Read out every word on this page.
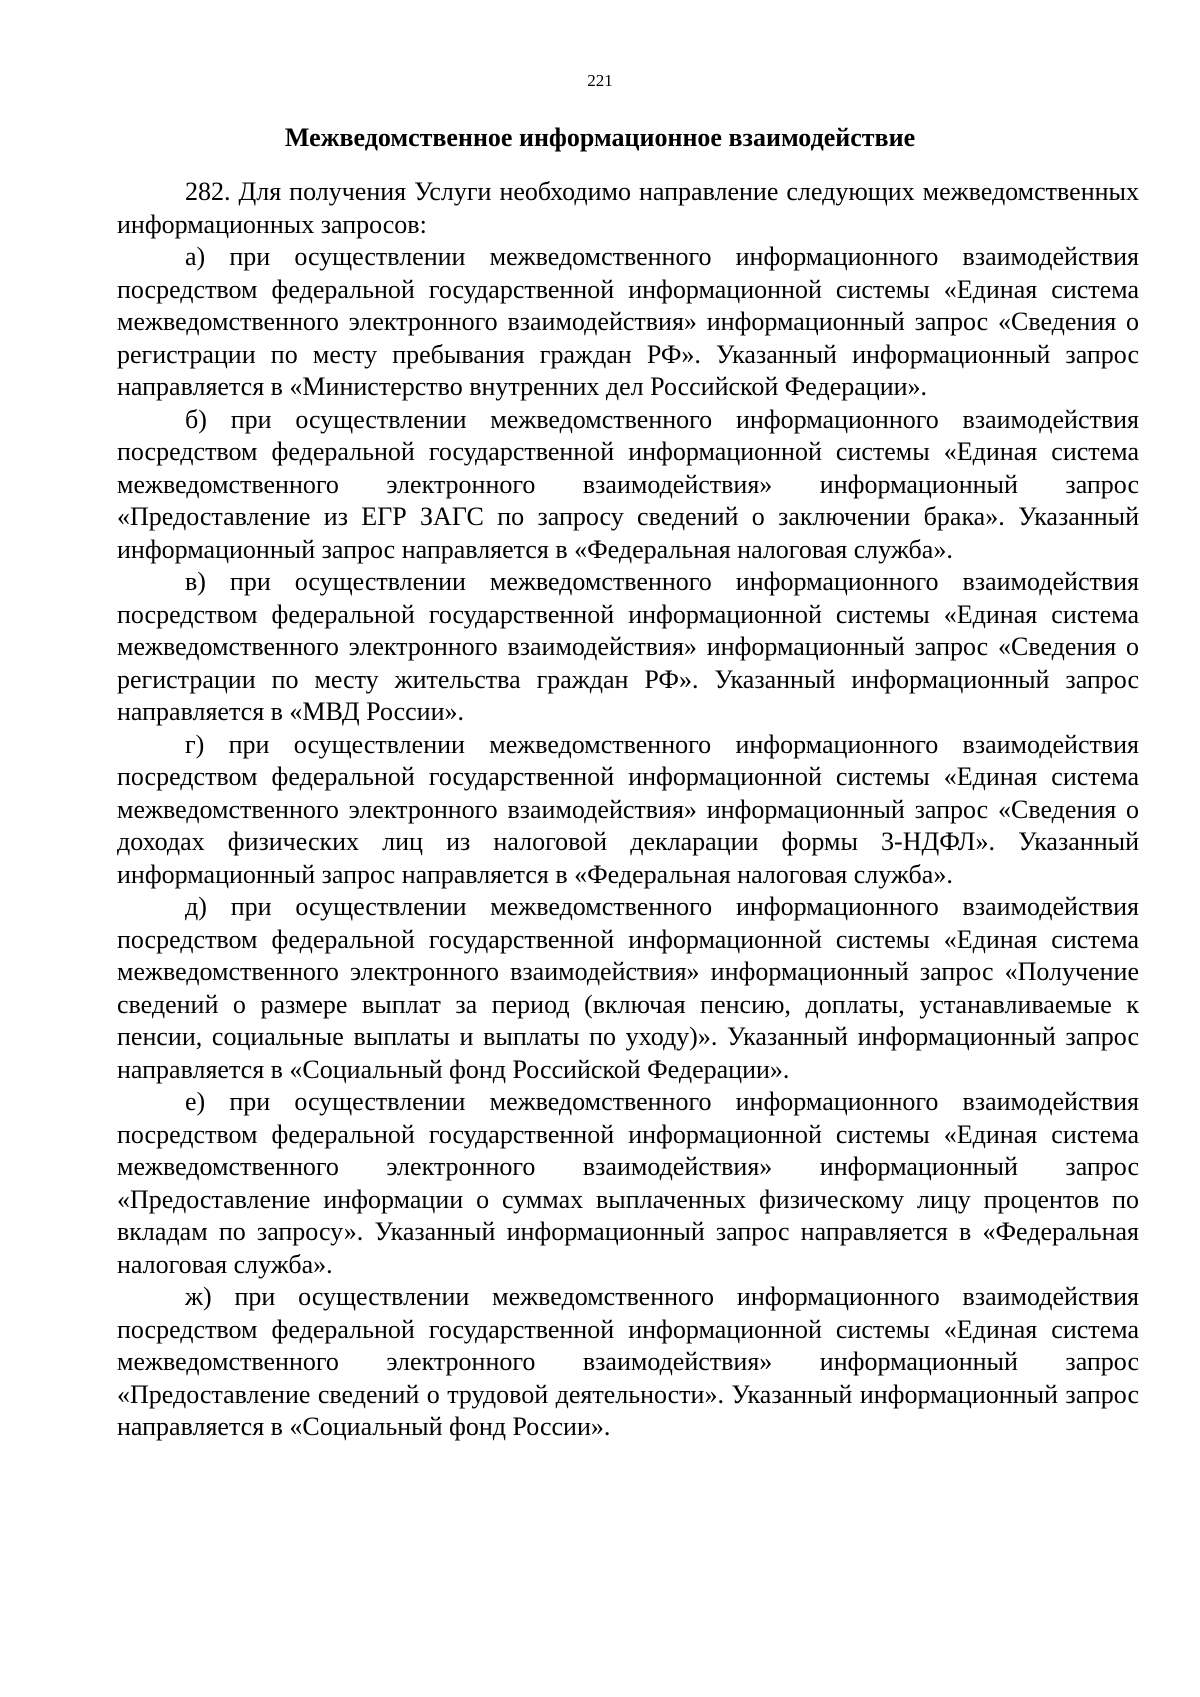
221
Межведомственное информационное взаимодействие

282. Для получения Услуги необходимо направление следующих межведомственных информационных запросов:

а) при осуществлении межведомственного информационного взаимодействия посредством федеральной государственной информационной системы «Единая система межведомственного электронного взаимодействия» информационный запрос «Сведения о регистрации по месту пребывания граждан РФ». Указанный информационный запрос направляется в «Министерство внутренних дел Российской Федерации».

б) при осуществлении межведомственного информационного взаимодействия посредством федеральной государственной информационной системы «Единая система межведомственного электронного взаимодействия» информационный запрос «Предоставление из ЕГР ЗАГС по запросу сведений о заключении брака». Указанный информационный запрос направляется в «Федеральная налоговая служба».

в) при осуществлении межведомственного информационного взаимодействия посредством федеральной государственной информационной системы «Единая система межведомственного электронного взаимодействия» информационный запрос «Сведения о регистрации по месту жительства граждан РФ». Указанный информационный запрос направляется в «МВД России».

г) при осуществлении межведомственного информационного взаимодействия посредством федеральной государственной информационной системы «Единая система межведомственного электронного взаимодействия» информационный запрос «Сведения о доходах физических лиц из налоговой декларации формы 3-НДФЛ». Указанный информационный запрос направляется в «Федеральная налоговая служба».

д) при осуществлении межведомственного информационного взаимодействия посредством федеральной государственной информационной системы «Единая система межведомственного электронного взаимодействия» информационный запрос «Получение сведений о размере выплат за период (включая пенсию, доплаты, устанавливаемые к пенсии, социальные выплаты и выплаты по уходу)». Указанный информационный запрос направляется в «Социальный фонд Российской Федерации».

е) при осуществлении межведомственного информационного взаимодействия посредством федеральной государственной информационной системы «Единая система межведомственного электронного взаимодействия» информационный запрос «Предоставление информации о суммах выплаченных физическому лицу процентов по вкладам по запросу». Указанный информационный запрос направляется в «Федеральная налоговая служба».

ж) при осуществлении межведомственного информационного взаимодействия посредством федеральной государственной информационной системы «Единая система межведомственного электронного взаимодействия» информационный запрос «Предоставление сведений о трудовой деятельности». Указанный информационный запрос направляется в «Социальный фонд России».
